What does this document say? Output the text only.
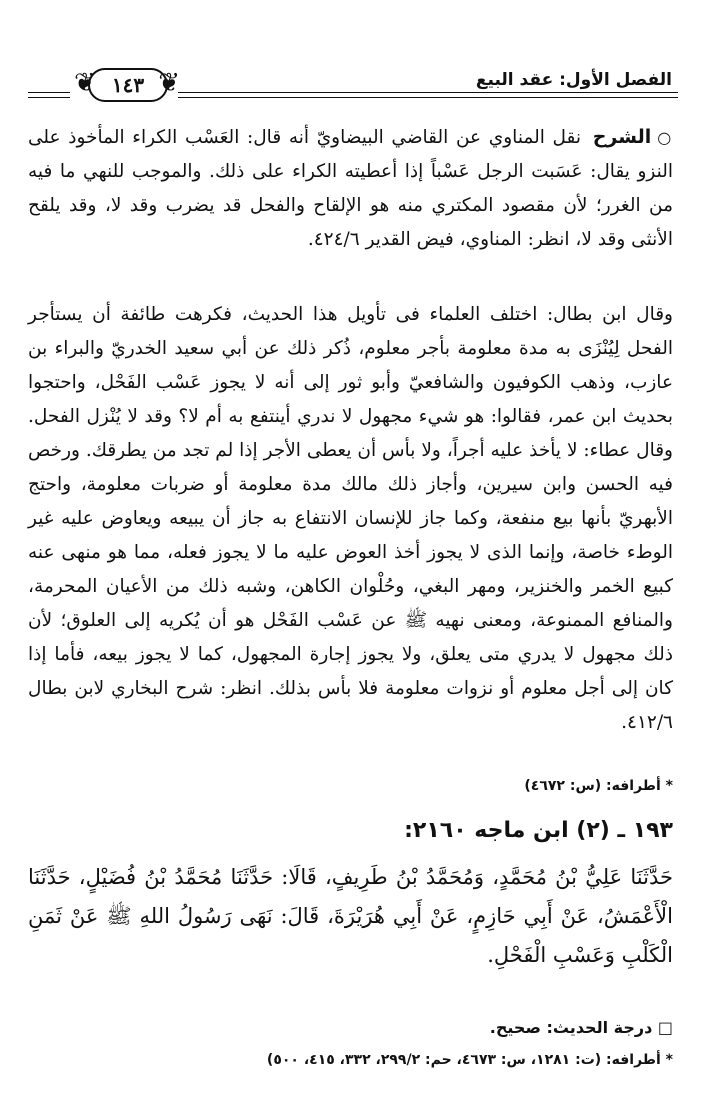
الفصل الأول: عقد البيع
❦ ❦
١٤٣
○الشرح نقل المناوي عن القاضي البيضاويّ أنه قال: العَسْب الكراء المأخوذ على النزو يقال: عَسَبت الرجل عَسْباً إذا أعطيته الكراء على ذلك. والموجب للنهي ما فيه من الغرر؛ لأن مقصود المكتري منه هو الإلقاح والفحل قد يضرب وقد لا، وقد يلقح الأنثى وقد لا، انظر: المناوي، فيض القدير ٤٢٤/٦.
وقال ابن بطال: اختلف العلماء فى تأويل هذا الحديث، فكرهت طائفة أن يستأجر الفحل لِيُنْزَى به مدة معلومة بأجر معلوم، ذُكر ذلك عن أبي سعيد الخدريّ والبراء بن عازب، وذهب الكوفيون والشافعيّ وأبو ثور إلى أنه لا يجوز عَسْب الفَحْل، واحتجوا بحديث ابن عمر، فقالوا: هو شيء مجهول لا ندري أينتفع به أم لا؟ وقد لا يُنْزل الفحل. وقال عطاء: لا يأخذ عليه أجراً، ولا بأس أن يعطى الأجر إذا لم تجد من يطرقك. ورخص فيه الحسن وابن سيرين، وأجاز ذلك مالك مدة معلومة أو ضربات معلومة، واحتج الأبهريّ بأنها بيع منفعة، وكما جاز للإنسان الانتفاع به جاز أن يبيعه ويعاوض عليه غير الوطء خاصة، وإنما الذى لا يجوز أخذ العوض عليه ما لا يجوز فعله، مما هو منهى عنه كبيع الخمر والخنزير، ومهر البغي، وحُلْوان الكاهن، وشبه ذلك من الأعيان المحرمة، والمنافع الممنوعة، ومعنى نهيه ﷺ عن عَسْب الفَحْل هو أن يُكريه إلى العلوق؛ لأن ذلك مجهول لا يدري متى يعلق، ولا يجوز إجارة المجهول، كما لا يجوز بيعه، فأما إذا كان إلى أجل معلوم أو نزوات معلومة فلا بأس بذلك. انظر: شرح البخاري لابن بطال ٤١٢/٦.
* أطرافه: (س: ٤٦٧٢)
١٩٣ ـ (٢) ابن ماجه ٢١٦٠:
حَدَّثَنَا عَلِيُّ بْنُ مُحَمَّدٍ، وَمُحَمَّدُ بْنُ طَرِيفٍ، قَالَا: حَدَّثَنَا مُحَمَّدُ بْنُ فُضَيْلٍ، حَدَّثَنَا الْأَعْمَشُ، عَنْ أَبِي حَازِمٍ، عَنْ أَبِي هُرَيْرَةَ، قَالَ: نَهَى رَسُولُ اللهِ ﷺ عَنْ ثَمَنِ الْكَلْبِ وَعَسْبِ الْفَحْلِ.
□ درجة الحديث: صحيح.
* أطرافه: (ت: ١٢٨١، س: ٤٦٧٣، حم: ٢٩٩/٢، ٣٣٢، ٤١٥، ٥٠٠)
